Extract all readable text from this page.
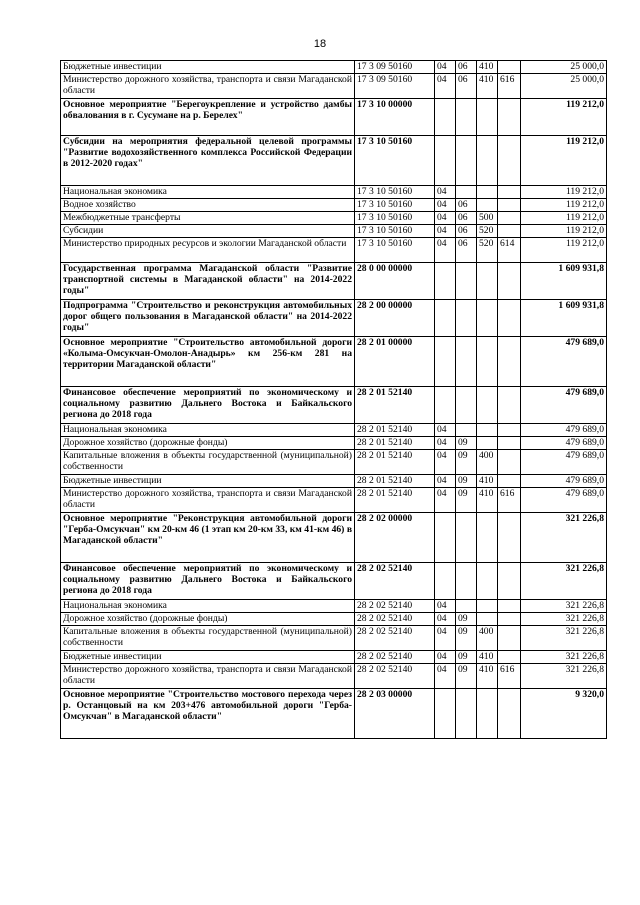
18
Бюджетные инвестиции	17 3 09 50160	04	06	410		25 000,0
Министерство дорожного хозяйства, транспорта и связи Магаданской области	17 3 09 50160	04	06	410	616	25 000,0
Основное мероприятие "Берегоукрепление и устройство дамбы обвалования в г. Сусумане на р. Берелех"	17 3 10 00000					119 212,0
Субсидии на мероприятия федеральной целевой программы "Развитие водохозяйственного комплекса Российской Федерации в 2012-2020 годах"	17 3 10 50160					119 212,0
Национальная экономика	17 3 10 50160	04				119 212,0
Водное хозяйство	17 3 10 50160	04	06			119 212,0
Межбюджетные трансферты	17 3 10 50160	04	06	500		119 212,0
Субсидии	17 3 10 50160	04	06	520		119 212,0
Министерство природных ресурсов и экологии Магаданской области	17 3 10 50160	04	06	520	614	119 212,0
Государственная программа Магаданской области "Развитие транспортной системы в Магаданской области" на 2014-2022 годы"	28 0 00 00000					1 609 931,8
Подпрограмма "Строительство и реконструкция автомобильных дорог общего пользования в Магаданской области" на 2014-2022 годы"	28 2 00 00000					1 609 931,8
Основное мероприятие "Строительство автомобильной дороги «Колыма-Омсукчан-Омолон-Анадырь» км 256-км 281 на территории Магаданской области"	28 2 01 00000					479 689,0
Финансовое обеспечение мероприятий по экономическому и социальному развитию Дальнего Востока и Байкальского региона до 2018 года	28 2 01 52140					479 689,0
Национальная экономика	28 2 01 52140	04				479 689,0
Дорожное хозяйство (дорожные фонды)	28 2 01 52140	04	09			479 689,0
Капитальные вложения в объекты государственной (муниципальной) собственности	28 2 01 52140	04	09	400		479 689,0
Бюджетные инвестиции	28 2 01 52140	04	09	410		479 689,0
Министерство дорожного хозяйства, транспорта и связи Магаданской области	28 2 01 52140	04	09	410	616	479 689,0
Основное мероприятие "Реконструкция автомобильной дороги "Герба-Омсукчан" км 20-км 46 (1 этап км 20-км 33, км 41-км 46) в Магаданской области"	28 2 02 00000					321 226,8
Финансовое обеспечение мероприятий по экономическому и социальному развитию Дальнего Востока и Байкальского региона до 2018 года	28 2 02 52140					321 226,8
Национальная экономика	28 2 02 52140	04				321 226,8
Дорожное хозяйство (дорожные фонды)	28 2 02 52140	04	09			321 226,8
Капитальные вложения в объекты государственной (муниципальной) собственности	28 2 02 52140	04	09	400		321 226,8
Бюджетные инвестиции	28 2 02 52140	04	09	410		321 226,8
Министерство дорожного хозяйства, транспорта и связи Магаданской области	28 2 02 52140	04	09	410	616	321 226,8
Основное мероприятие "Строительство мостового перехода через р. Останцовый на км 203+476 автомобильной дороги "Герба-Омсукчан" в Магаданской области"	28 2 03 00000					9 320,0
